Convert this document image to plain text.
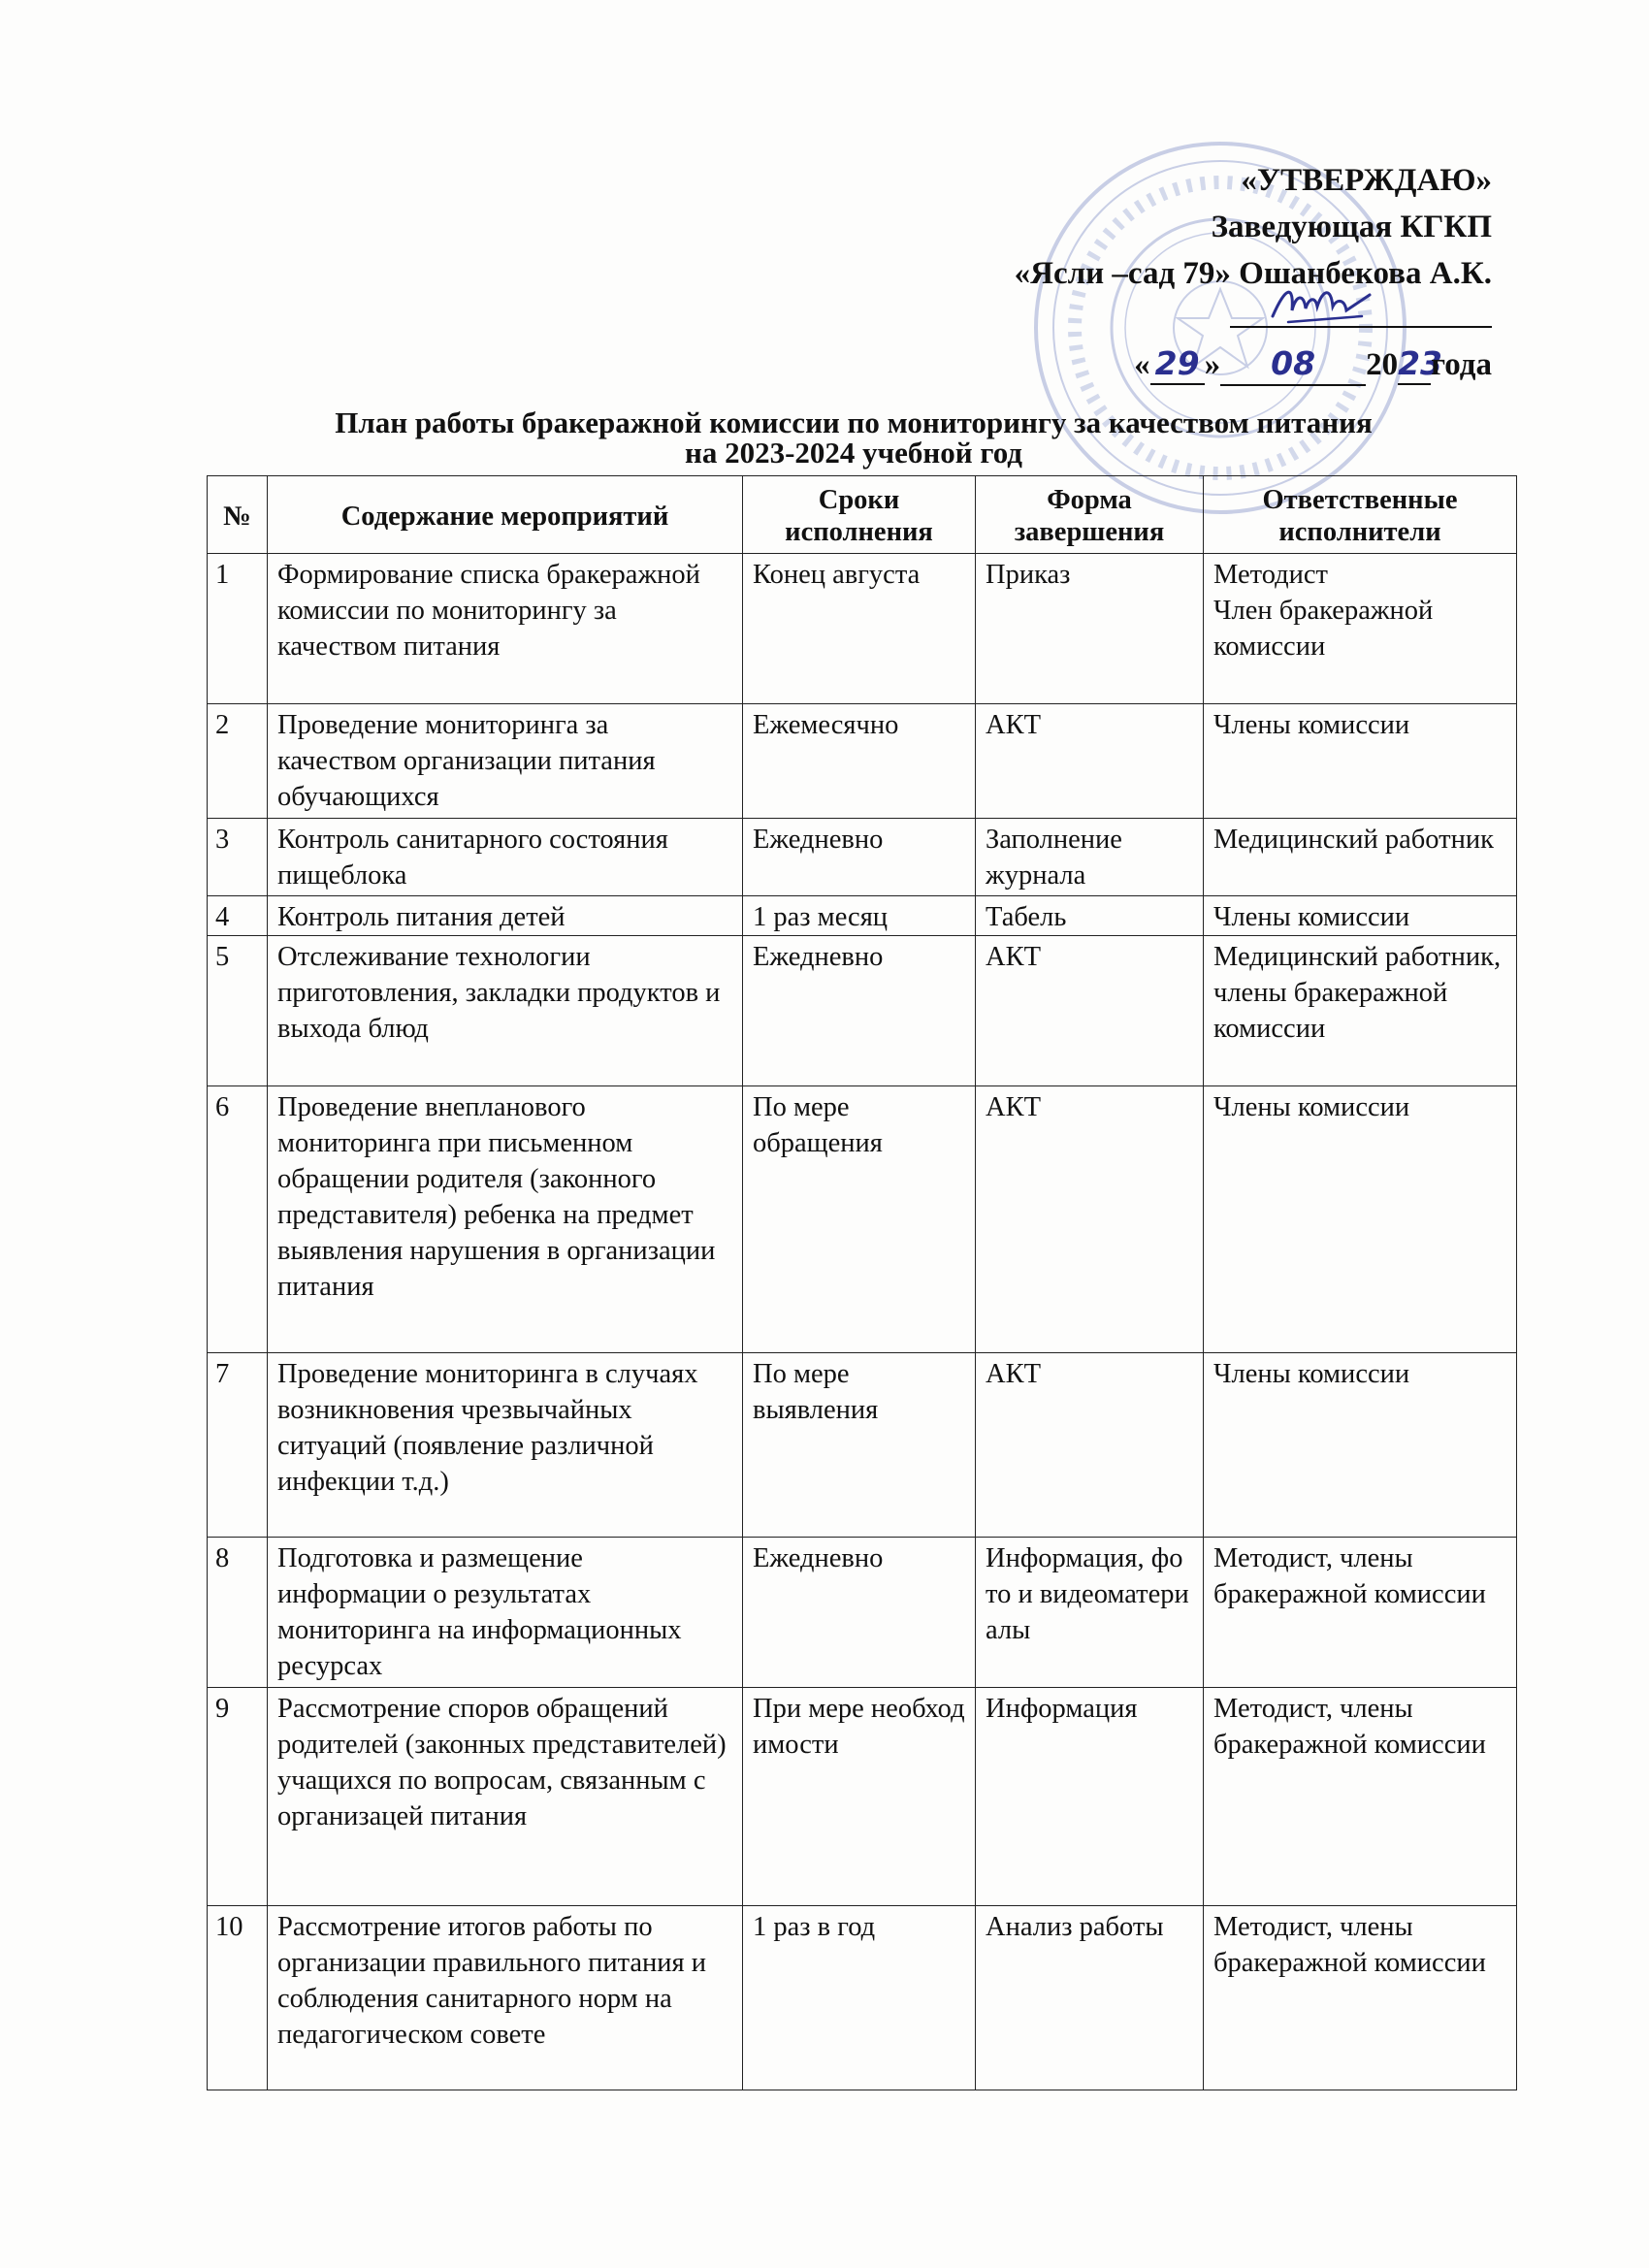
«УТВЕРЖДАЮ»
Заведующая КГКП
«Ясли –сад 79» Ошанбекова А.К.
« 29 » 08 2023года
План работы бракеражной комиссии по мониторингу за качеством питания
на 2023-2024 учебной год
№	Содержание мероприятий	Сроки исполнения	Форма завершения	Ответственные исполнители
1	Формирование списка бракеражной комиссии по мониторингу за качеством питания	Конец августа	Приказ	Методист
Член бракеражной комиссии
2	Проведение мониторинга за качеством организации питания обучающихся	Ежемесячно	АКТ	Члены комиссии
3	Контроль санитарного состояния пищеблока	Ежедневно	Заполнение журнала	Медицинский работник
4	Контроль питания детей	1 раз месяц	Табель	Члены комиссии
5	Отслеживание технологии приготовления, закладки продуктов и выхода блюд	Ежедневно	АКТ	Медицинский работник, члены бракеражной комиссии
6	Проведение внепланового мониторинга при письменном обращении родителя (законного представителя) ребенка на предмет выявления нарушения в организации питания	По мере обращения	АКТ	Члены комиссии
7	Проведение мониторинга в случаях возникновения чрезвычайных ситуаций (появление различной инфекции т.д.)	По мере выявления	АКТ	Члены комиссии
8	Подготовка и размещение информации о результатах мониторинга на информационных ресурсах	Ежедневно	Информация, фото и видеоматериалы	Методист, члены бракеражной комиссии
9	Рассмотрение споров обращений родителей (законных представителей) учащихся по вопросам, связанным с организацей питания	При мере необходимости	Информация	Методист, члены бракеражной комиссии
10	Рассмотрение итогов работы по организации правильного питания и соблюдения санитарного норм на педагогическом совете	1 раз в год	Анализ работы	Методист, члены бракеражной комиссии
